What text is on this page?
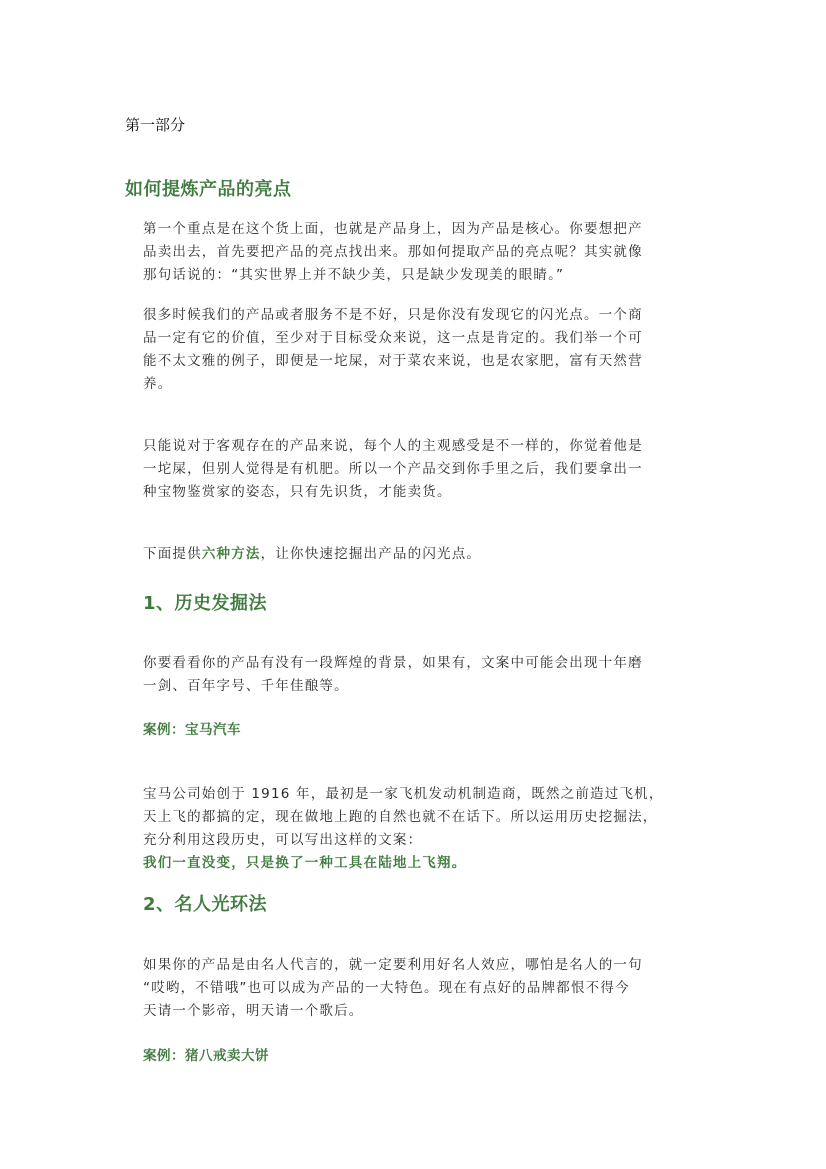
第一部分
如何提炼产品的亮点
第一个重点是在这个货上面，也就是产品身上，因为产品是核心。你要想把产
品卖出去，首先要把产品的亮点找出来。那如何提取产品的亮点呢？其实就像
那句话说的：“其实世界上并不缺少美，只是缺少发现美的眼睛。”
很多时候我们的产品或者服务不是不好，只是你没有发现它的闪光点。一个商
品一定有它的价值，至少对于目标受众来说，这一点是肯定的。我们举一个可
能不太文雅的例子，即便是一坨屎，对于菜农来说，也是农家肥，富有天然营
养。
只能说对于客观存在的产品来说，每个人的主观感受是不一样的，你觉着他是
一坨屎，但别人觉得是有机肥。所以一个产品交到你手里之后，我们要拿出一
种宝物鉴赏家的姿态，只有先识货，才能卖货。
下面提供六种方法，让你快速挖掘出产品的闪光点。
1、历史发掘法
你要看看你的产品有没有一段辉煌的背景，如果有，文案中可能会出现十年磨
一剑、百年字号、千年佳酿等。
案例：宝马汽车
宝马公司始创于 1916 年，最初是一家飞机发动机制造商，既然之前造过飞机，
天上飞的都搞的定，现在做地上跑的自然也就不在话下。所以运用历史挖掘法，
充分利用这段历史，可以写出这样的文案：
我们一直没变，只是换了一种工具在陆地上飞翔。
2、名人光环法
如果你的产品是由名人代言的，就一定要利用好名人效应，哪怕是名人的一句
“哎哟，不错哦”也可以成为产品的一大特色。现在有点好的品牌都恨不得今
天请一个影帝，明天请一个歌后。
案例：猪八戒卖大饼
